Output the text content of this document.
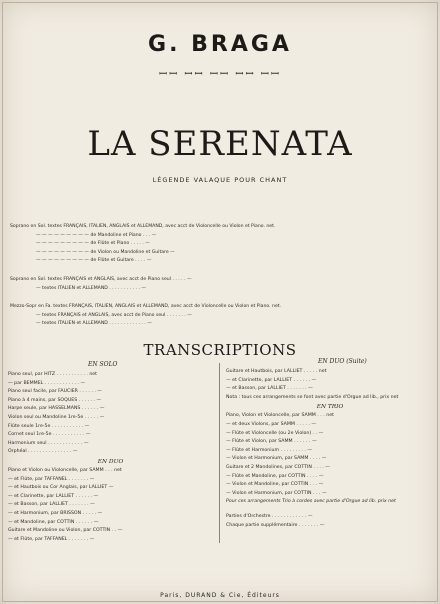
G. BRAGA
ꟷꟷ ꟷꟷ ꟷꟷ ꟷꟷ ꟷꟷ
LA SERENATA
LÉGENDE VALAQUE POUR CHANT
Soprano en Sol. textes FRANÇAIS, ITALIEN, ANGLAIS et ALLEMAND, avec acct de Violoncelle ou Violon et Piano. net.
— — — — — — — — — de Mandoline et Piano . . . —
— — — — — — — — — de Flûte et Piano . . . . . —
— — — — — — — — — de Violon ou Mandoline et Guitare —
— — — — — — — — — de Flûte et Guitare . . . . —
Soprano en Sol. textes FRANÇAIS et ANGLAIS, avec acct de Piano seul . . . . . —
— textes ITALIEN et ALLEMAND . . . . . . . . . . . —
Mezzo-Sopr en Fa. textes FRANÇAIS, ITALIEN, ANGLAIS et ALLEMAND, avec acct de Violoncelle ou Violon et Piano. net.
— textes FRANÇAIS et ANGLAIS, avec acct de Piano seul . . . . . . . —
— textes ITALIEN et ALLEMAND . . . . . . . . . . . . . —
TRANSCRIPTIONS
EN SOLO	EN DUO (Suite)
Piano seul, par HITZ . . . . . . . . . . . net
— par BEMMEL . . . . . . . . . . . . —
Piano seul facile, par FAUCIER . . . . . . —
Piano à 4 mains, par SOQUES . . . . . . —
Harpe seule, par HASSELMANS . . . . . . —
Violon seul ou Mandoline 1re-5e . . . . . —
Flûte seule 1re-5e . . . . . . . . . . . —
Cornet seul 1re-5e . . . . . . . . . . . —
Harmonium seul . . . . . . . . . . . . —
Orphéal . . . . . . . . . . . . . . . —
EN DUO
Piano et Violon ou Violoncelle, par SAMM . . . net
— et Flûte, par TAFFANEL . . . . . . . —
— et Hautbois ou Cor Anglais, par LALLIET —
— et Clarinette, par LALLIET . . . . . . —
— et Basson, par LALLIET . . . . . . . —
— et Harmonium, par BRISSON . . . . . —
— et Mandoline, par COTTIN . . . . . . —
Guitare et Mandoline ou Violon, par COTTIN . . —
— et Flûte, par TAFFANEL . . . . . . . —
Guitare et Hautbois, par LALLIET . . . . . net
— et Clarinette, par LALLIET . . . . . . —
— et Basson, par LALLIET . . . . . . . —
Nota : tous ces arrangements se font avec partie d'Orgue ad lib., prix net
EN TRIO
Piano, Violon et Violoncelle, par SAMM . . . net
— et deux Violons, par SAMM . . . . . —
— Flûte et Violoncelle (ou 2e Violon) . . —
— Flûte et Violon, par SAMM . . . . . . —
— Flûte et Harmonium . . . . . . . . . —
— Violon et Harmonium, par SAMM . . . . —
Guitare et 2 Mandolines, par COTTIN . . . . —
— Flûte et Mandoline, par COTTIN . . . . —
— Violon et Mandoline, par COTTIN . . . —
— Violon et Harmonium, par COTTIN . . . —
Pour ces arrangements Trio à cordes avec partie d'Orgue ad lib. prix net
Parties d'Orchestre . . . . . . . . . . . . —
Chaque partie supplémentaire . . . . . . . —
Paris, DURAND & Cie, Éditeurs
